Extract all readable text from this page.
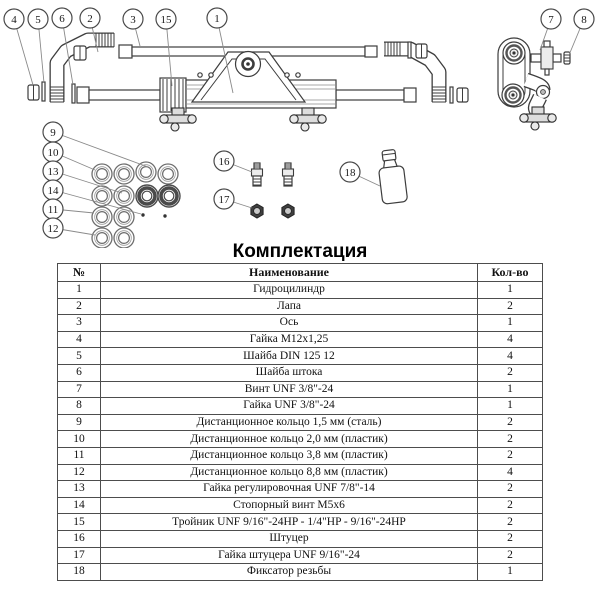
4 5 6 2	3 15	1	7	8
9
10
13
14
11
12
16
17
18
Комплектация
№	Наименование	Кол-во
1	Гидроцилиндр	1
2	Лапа	2
3	Ось	1
4	Гайка M12x1,25	4
5	Шайба DIN 125 12	4
6	Шайба штока	2
7	Винт UNF 3/8"-24	1
8	Гайка UNF 3/8"-24	1
9	Дистанционное кольцо 1,5 мм (сталь)	2
10	Дистанционное кольцо 2,0 мм (пластик)	2
11	Дистанционное кольцо 3,8 мм (пластик)	2
12	Дистанционное кольцо 8,8 мм (пластик)	4
13	Гайка регулировочная UNF 7/8"-14	2
14	Стопорный винт M5x6	2
15	Тройник UNF 9/16"-24HP - 1/4"HP - 9/16"-24HP	2
16	Штуцер	2
17	Гайка штуцера UNF 9/16"-24	2
18	Фиксатор резьбы	1
